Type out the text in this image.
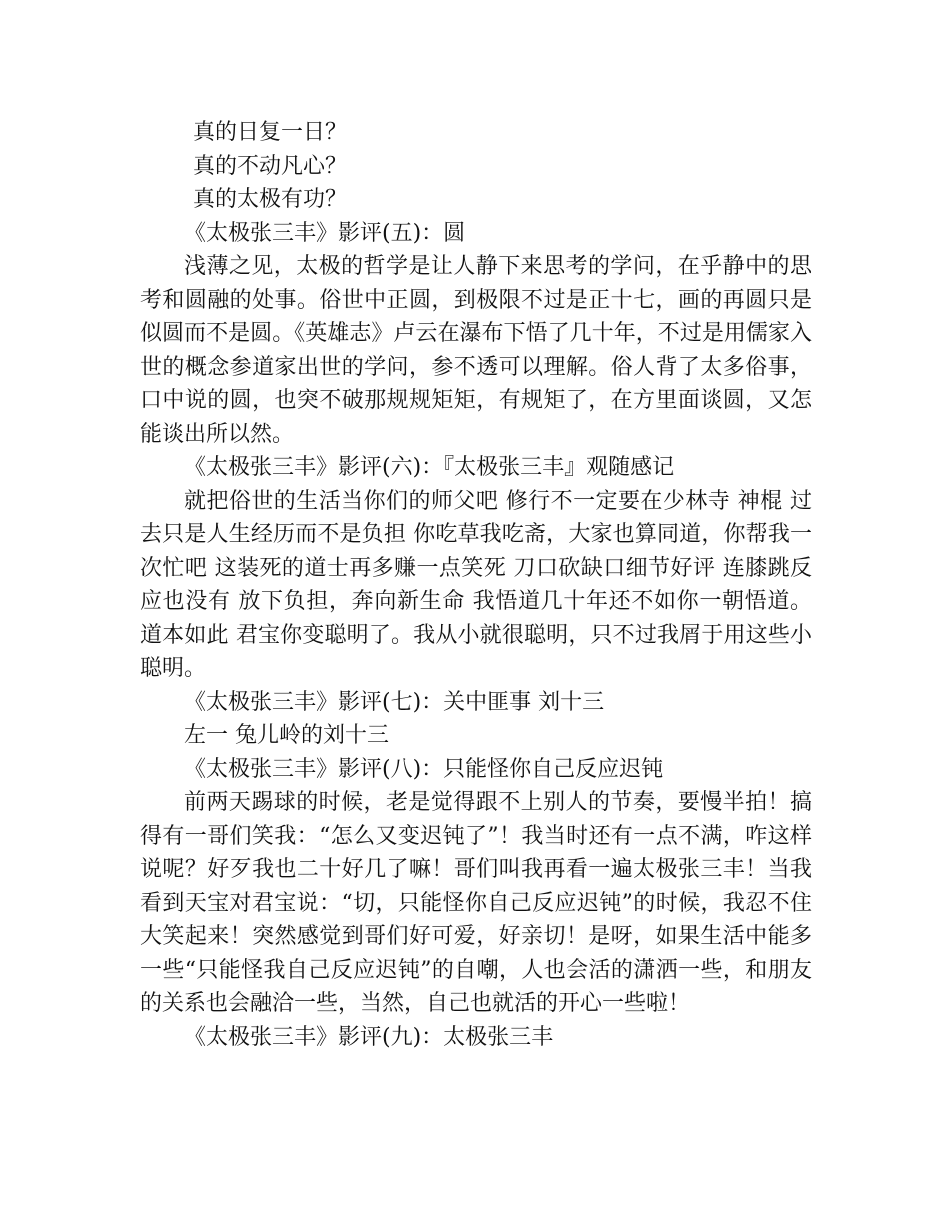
真的日复一日？

真的不动凡心？

真的太极有功？

《太极张三丰》影评(五)：圆

浅薄之见，太极的哲学是让人静下来思考的学问，在乎静中的思考和圆融的处事。俗世中正圆，到极限不过是正十七，画的再圆只是似圆而不是圆。《英雄志》卢云在瀑布下悟了几十年，不过是用儒家入世的概念参道家出世的学问，参不透可以理解。俗人背了太多俗事，口中说的圆，也突不破那规规矩矩，有规矩了，在方里面谈圆，又怎能谈出所以然。

《太极张三丰》影评(六)：『太极张三丰』观随感记

就把俗世的生活当你们的师父吧 修行不一定要在少林寺 神棍 过去只是人生经历而不是负担 你吃草我吃斋，大家也算同道，你帮我一次忙吧 这装死的道士再多赚一点笑死 刀口砍缺口细节好评 连膝跳反应也没有 放下负担，奔向新生命 我悟道几十年还不如你一朝悟道。道本如此 君宝你变聪明了。我从小就很聪明，只不过我屑于用这些小聪明。

《太极张三丰》影评(七)：关中匪事 刘十三

左一 兔儿岭的刘十三

《太极张三丰》影评(八)：只能怪你自己反应迟钝

前两天踢球的时候，老是觉得跟不上别人的节奏，要慢半拍！搞得有一哥们笑我：“怎么又变迟钝了”！我当时还有一点不满，咋这样说呢？好歹我也二十好几了嘛！哥们叫我再看一遍太极张三丰！当我看到天宝对君宝说：“切，只能怪你自己反应迟钝”的时候，我忍不住大笑起来！突然感觉到哥们好可爱，好亲切！是呀，如果生活中能多一些“只能怪我自己反应迟钝”的自嘲，人也会活的潇洒一些，和朋友的关系也会融洽一些，当然，自己也就活的开心一些啦！

《太极张三丰》影评(九)：太极张三丰
